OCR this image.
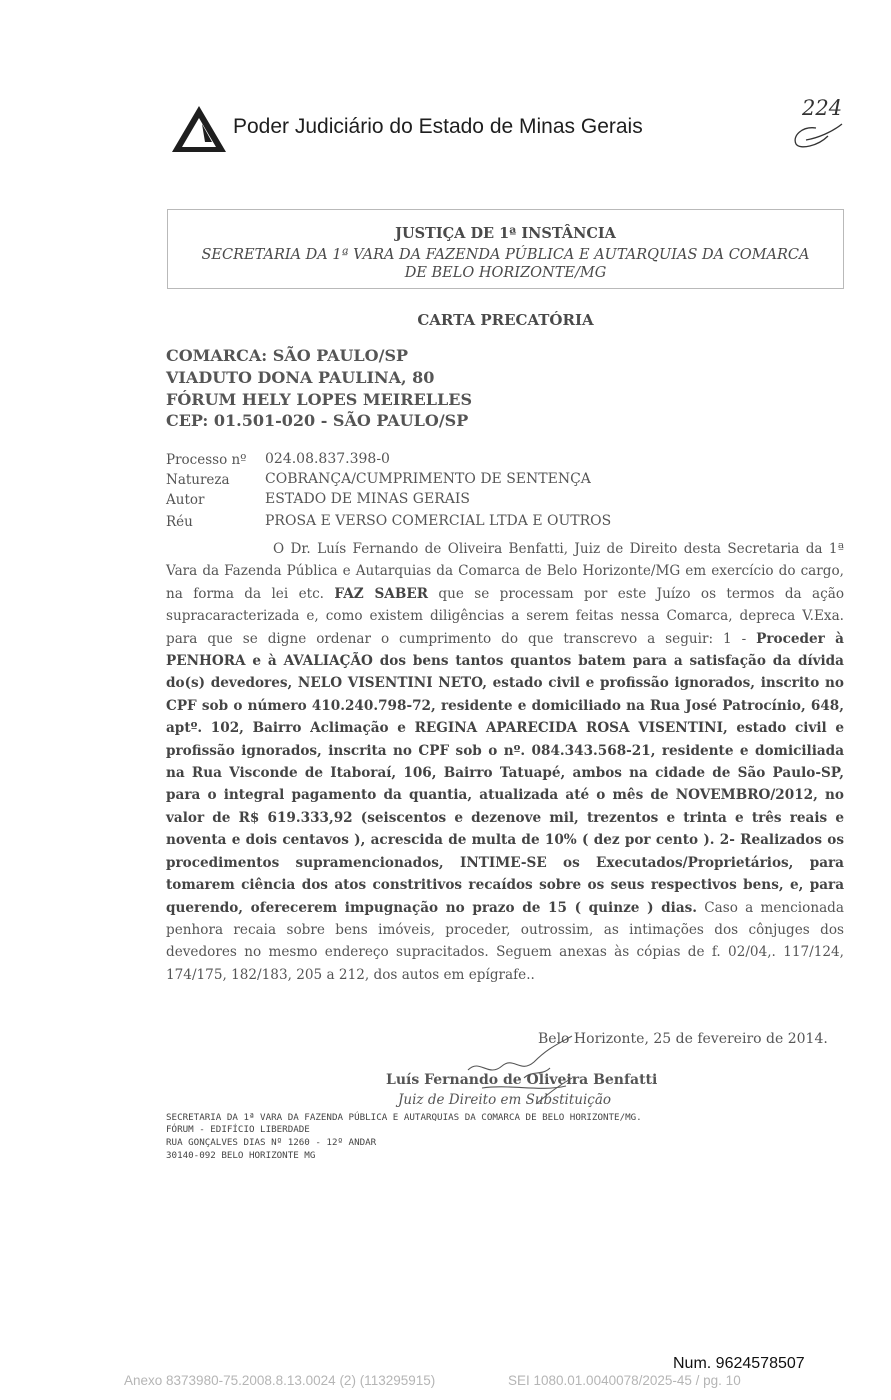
Poder Judiciário do Estado de Minas Gerais
224
JUSTIÇA DE 1ª INSTÂNCIA
SECRETARIA DA 1ª VARA DA FAZENDA PÚBLICA E AUTARQUIAS DA COMARCA
DE BELO HORIZONTE/MG
CARTA PRECATÓRIA
COMARCA: SÃO PAULO/SP
VIADUTO DONA PAULINA, 80
FÓRUM HELY LOPES MEIRELLES
CEP: 01.501-020 - SÃO PAULO/SP
Processo nº 024.08.837.398-0
Natureza	COBRANÇA/CUMPRIMENTO DE SENTENÇA
Autor	ESTADO DE MINAS GERAIS
Réu	PROSA E VERSO COMERCIAL LTDA E OUTROS
O Dr. Luís Fernando de Oliveira Benfatti, Juiz de Direito desta Secretaria da 1ª Vara da Fazenda Pública e Autarquias da Comarca de Belo Horizonte/MG em exercício do cargo, na forma da lei etc. FAZ SABER que se processam por este Juízo os termos da ação supracaracterizada e, como existem diligências a serem feitas nessa Comarca, depreca V.Exa. para que se digne ordenar o cumprimento do que transcrevo a seguir: 1 - Proceder à PENHORA e à AVALIAÇÃO dos bens tantos quantos batem para a satisfação da dívida do(s) devedores, NELO VISENTINI NETO, estado civil e profissão ignorados, inscrito no CPF sob o número 410.240.798-72, residente e domiciliado na Rua José Patrocínio, 648, aptº. 102, Bairro Aclimação e REGINA APARECIDA ROSA VISENTINI, estado civil e profissão ignorados, inscrita no CPF sob o nº. 084.343.568-21, residente e domiciliada na Rua Visconde de Itaboraí, 106, Bairro Tatuapé, ambos na cidade de São Paulo-SP, para o integral pagamento da quantia, atualizada até o mês de NOVEMBRO/2012, no valor de R$ 619.333,92 (seiscentos e dezenove mil, trezentos e trinta e três reais e noventa e dois centavos ), acrescida de multa de 10% ( dez por cento ). 2- Realizados os procedimentos supramencionados, INTIME-SE os Executados/Proprietários, para tomarem ciência dos atos constritivos recaídos sobre os seus respectivos bens, e, para querendo, oferecerem impugnação no prazo de 15 ( quinze ) dias. Caso a mencionada penhora recaia sobre bens imóveis, proceder, outrossim, as intimações dos cônjuges dos devedores no mesmo endereço supracitados. Seguem anexas às cópias de f. 02/04,. 117/124, 174/175, 182/183, 205 a 212, dos autos em epígrafe..
Belo Horizonte, 25 de fevereiro de 2014.
Luís Fernando de Oliveira Benfatti
Juiz de Direito em Substituição
SECRETARIA DA 1ª VARA DA FAZENDA PÚBLICA E AUTARQUIAS DA COMARCA DE BELO HORIZONTE/MG.
FÓRUM - EDIFÍCIO LIBERDADE
RUA GONÇALVES DIAS Nº 1260 - 12º ANDAR
30140-092 BELO HORIZONTE MG
Num. 9624578507
Anexo 8373980-75.2008.8.13.0024 (2) (113295915)	SEI 1080.01.0040078/2025-45 / pg. 10
